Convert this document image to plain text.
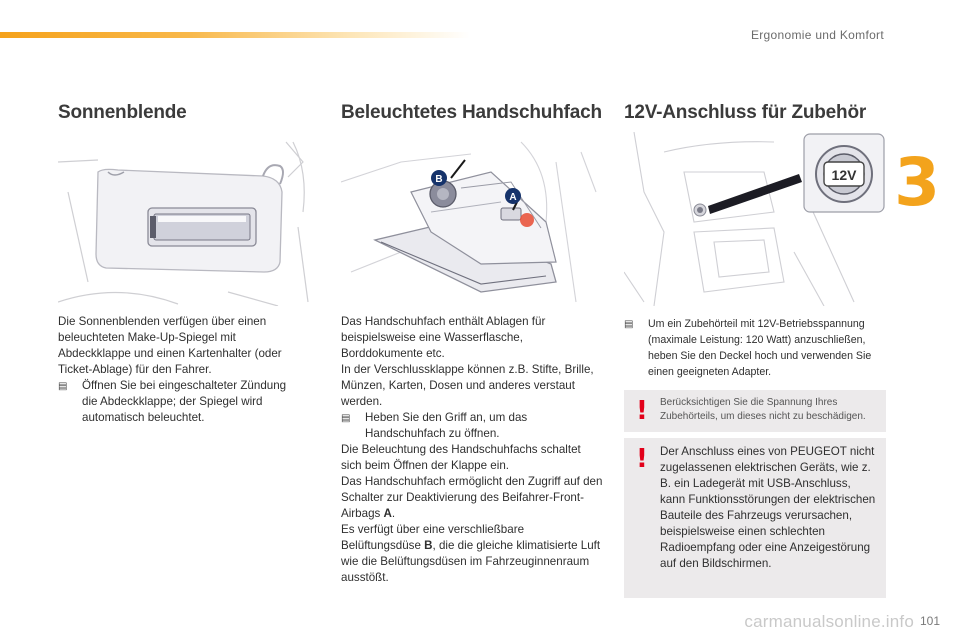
Ergonomie und Komfort
3
Sonnenblende

Die Sonnenblenden verfügen über einen beleuchteten Make-Up-Spiegel mit Abdeckklappe und einen Kartenhalter (oder Ticket-Ablage) für den Fahrer.

▤	Öffnen Sie bei eingeschalteter Zündung die Abdeckklappe; der Spiegel wird automatisch beleuchtet.
Beleuchtetes Handschuhfach
B
A

Das Handschuhfach enthält Ablagen für beispielsweise eine Wasserflasche, Borddokumente etc.

In der Verschlussklappe können z.B. Stifte, Brille, Münzen, Karten, Dosen und anderes verstaut werden.

▤	Heben Sie den Griff an, um das Handschuhfach zu öffnen.

Die Beleuchtung des Handschuhfachs schaltet sich beim Öffnen der Klappe ein.

Das Handschuhfach ermöglicht den Zugriff auf den Schalter zur Deaktivierung des Beifahrer-Front-Airbags A.

Es verfügt über eine verschließbare Belüftungsdüse B, die die gleiche klimatisierte Luft wie die Belüftungsdüsen im Fahrzeuginnenraum ausstößt.

12V-Anschluss für Zubehör
12V
▤	Um ein Zubehörteil mit 12V-Betriebsspannung (maximale Leistung: 120 Watt) anzuschließen, heben Sie den Deckel hoch und verwenden Sie einen geeigneten Adapter.
! Berücksichtigen Sie die Spannung Ihres Zubehörteils, um dieses nicht zu beschädigen.
! Der Anschluss eines von PEUGEOT nicht zugelassenen elektrischen Geräts, wie z. B. ein Ladegerät mit USB-Anschluss, kann Funktionsstörungen der elektrischen Bauteile des Fahrzeugs verursachen, beispielsweise einen schlechten Radioempfang oder eine Anzeigestörung auf den Bildschirmen.
carmanualsonline.info 101
